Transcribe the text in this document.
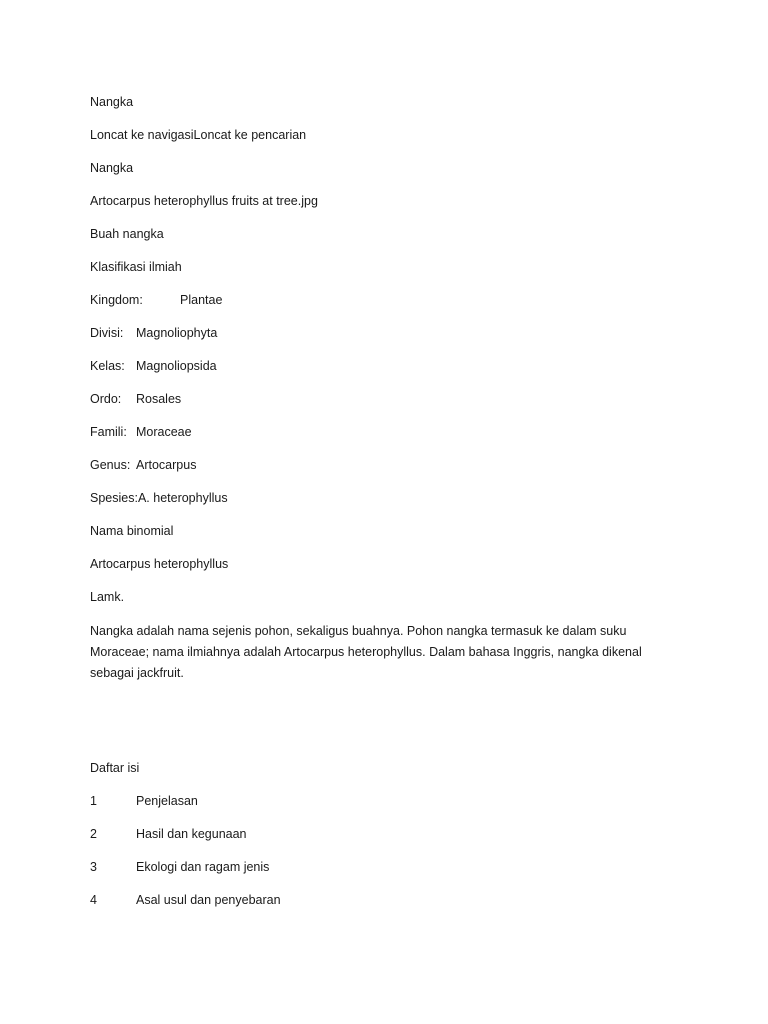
Nangka
Loncat ke navigasiLoncat ke pencarian
Nangka
Artocarpus heterophyllus fruits at tree.jpg
Buah nangka
Klasifikasi ilmiah
Kingdom:	Plantae
Divisi:	Magnoliophyta
Kelas: Magnoliopsida
Ordo:	Rosales
Famili: Moraceae
Genus: Artocarpus
Spesies: A. heterophyllus
Nama binomial
Artocarpus heterophyllus
Lamk.
Nangka adalah nama sejenis pohon, sekaligus buahnya. Pohon nangka termasuk ke dalam suku Moraceae; nama ilmiahnya adalah Artocarpus heterophyllus. Dalam bahasa Inggris, nangka dikenal sebagai jackfruit.
Daftar isi
1	Penjelasan
2	Hasil dan kegunaan
3	Ekologi dan ragam jenis
4	Asal usul dan penyebaran
